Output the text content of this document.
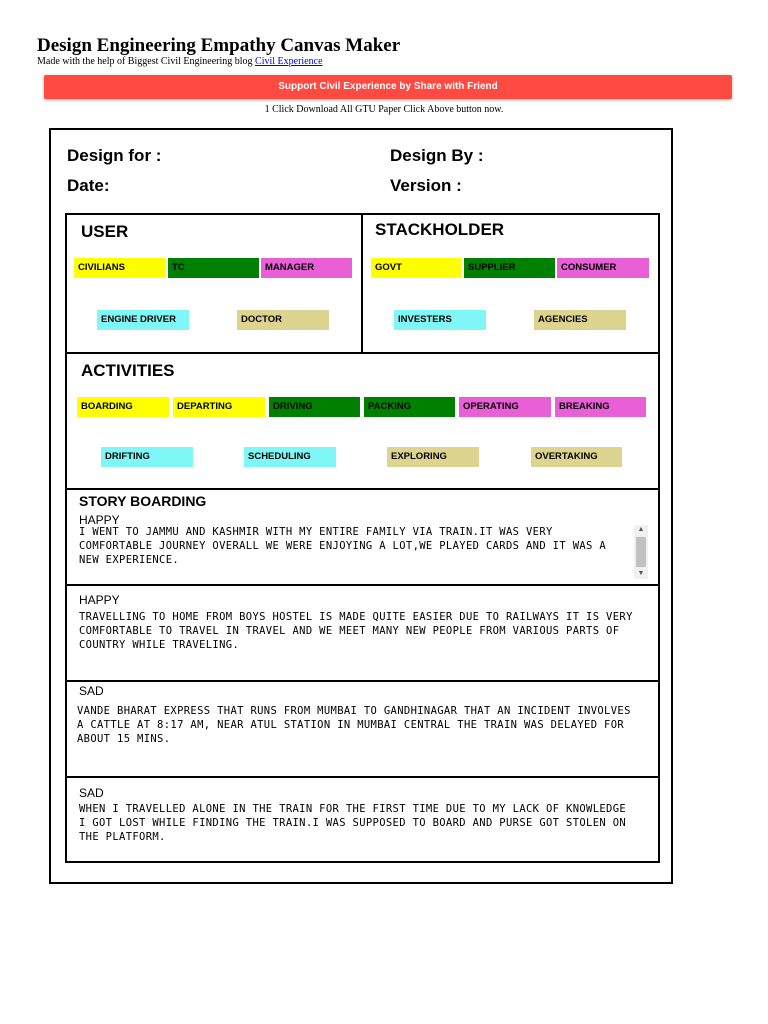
Design Engineering Empathy Canvas Maker
Made with the help of Biggest Civil Engineering blog Civil Experience
Support Civil Experience by Share with Friend
1 Click Download All GTU Paper Click Above button now.
Design for :	Design By :
Date:	Version :
USER
CIVILIANS	TC	MANAGER
ENGINE DRIVER	DOCTOR
STACKHOLDER
GOVT	SUPPLIER	CONSUMER
INVESTERS	AGENCIES
ACTIVITIES
BOARDING	DEPARTING	DRIVING	PACKING	OPERATING	BREAKING
DRIFTING	SCHEDULING	EXPLORING	OVERTAKING
STORY BOARDING
HAPPY
I WENT TO JAMMU AND KASHMIR WITH MY ENTIRE FAMILY VIA TRAIN.IT WAS VERY COMFORTABLE JOURNEY OVERALL WE WERE ENJOYING A LOT,WE PLAYED CARDS AND IT WAS A NEW EXPERIENCE.
▲
▼
HAPPY
TRAVELLING TO HOME FROM BOYS HOSTEL IS MADE QUITE EASIER DUE TO RAILWAYS IT IS VERY COMFORTABLE TO TRAVEL IN TRAVEL AND WE MEET MANY NEW PEOPLE FROM VARIOUS PARTS OF COUNTRY WHILE TRAVELING.
SAD
VANDE BHARAT EXPRESS THAT RUNS FROM MUMBAI TO GANDHINAGAR THAT AN INCIDENT INVOLVES A CATTLE AT 8:17 AM, NEAR ATUL STATION IN MUMBAI CENTRAL THE TRAIN WAS DELAYED FOR ABOUT 15 MINS.
SAD
WHEN I TRAVELLED ALONE IN THE TRAIN FOR THE FIRST TIME DUE TO MY LACK OF KNOWLEDGE I GOT LOST WHILE FINDING THE TRAIN.I WAS SUPPOSED TO BOARD AND PURSE GOT STOLEN ON THE PLATFORM.
